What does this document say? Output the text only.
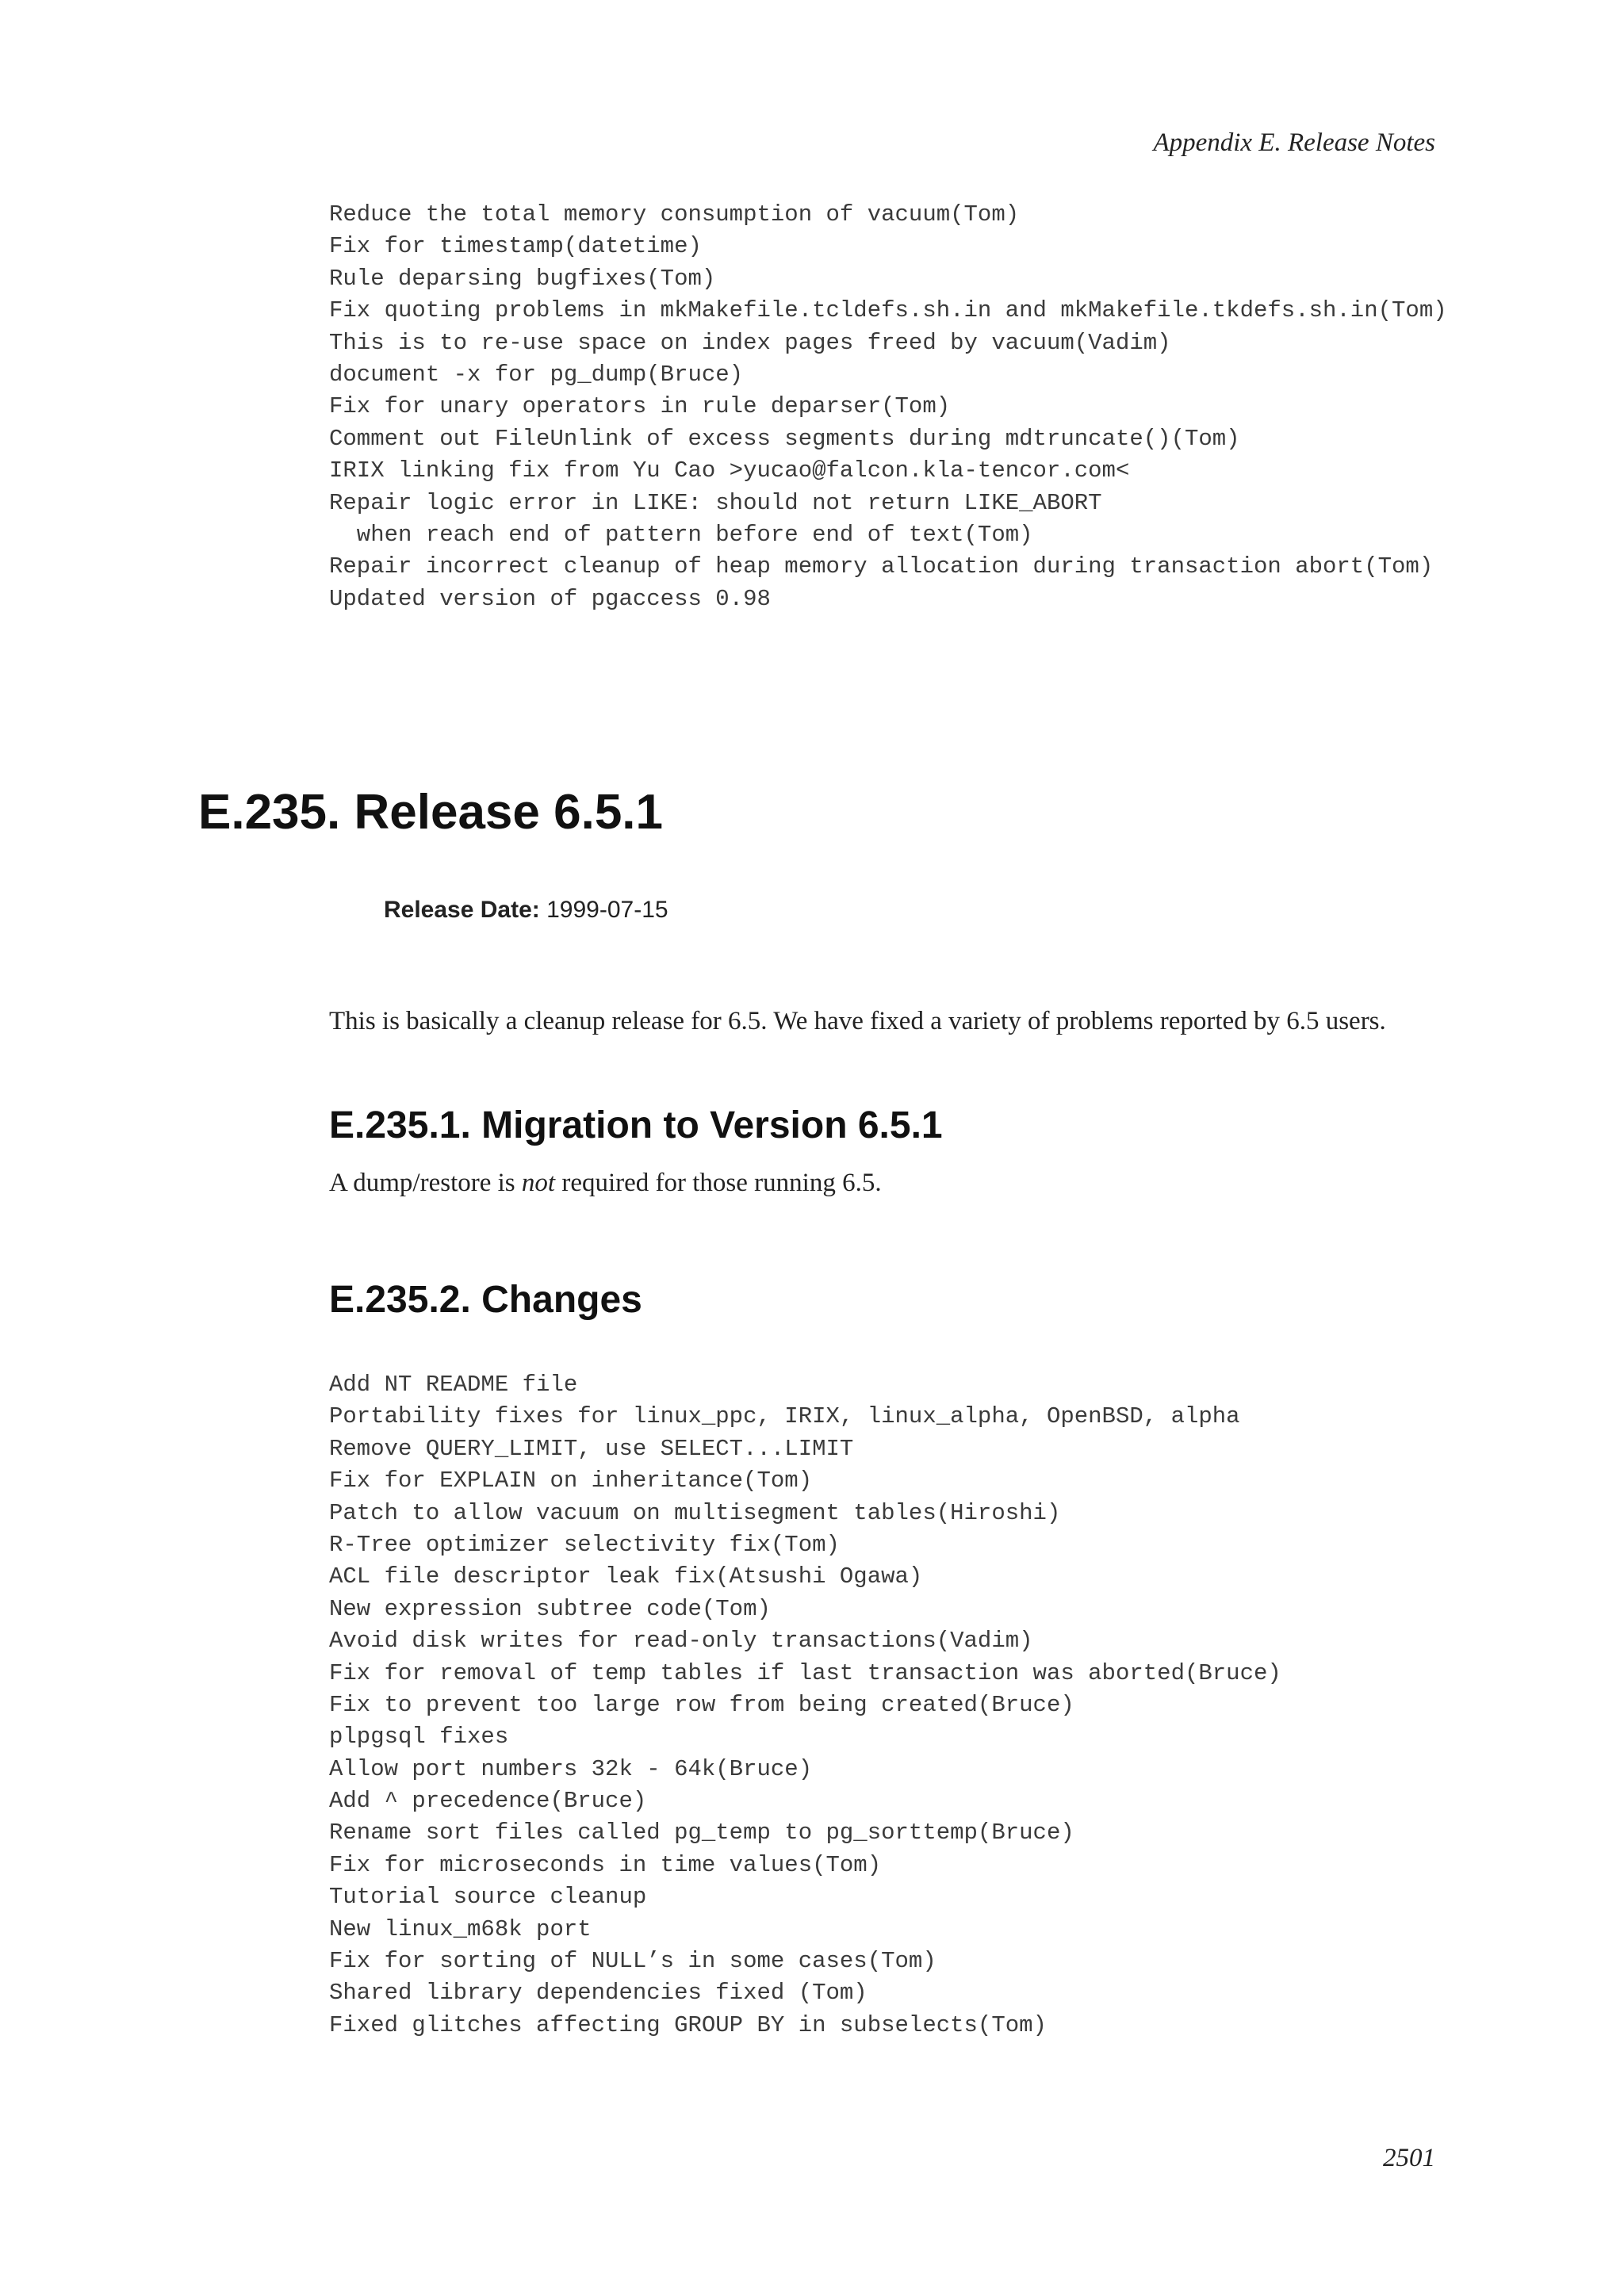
Appendix E. Release Notes
Reduce the total memory consumption of vacuum(Tom)
Fix for timestamp(datetime)
Rule deparsing bugfixes(Tom)
Fix quoting problems in mkMakefile.tcldefs.sh.in and mkMakefile.tkdefs.sh.in(Tom)
This is to re-use space on index pages freed by vacuum(Vadim)
document -x for pg_dump(Bruce)
Fix for unary operators in rule deparser(Tom)
Comment out FileUnlink of excess segments during mdtruncate()(Tom)
IRIX linking fix from Yu Cao >yucao@falcon.kla-tencor.com<
Repair logic error in LIKE: should not return LIKE_ABORT
when reach end of pattern before end of text(Tom)
Repair incorrect cleanup of heap memory allocation during transaction abort(Tom)
Updated version of pgaccess 0.98
E.235. Release 6.5.1
Release Date: 1999-07-15

This is basically a cleanup release for 6.5. We have fixed a variety of problems reported by 6.5 users.

E.235.1. Migration to Version 6.5.1

A dump/restore is not required for those running 6.5.

E.235.2. Changes
Add NT README file
Portability fixes for linux_ppc, IRIX, linux_alpha, OpenBSD, alpha
Remove QUERY_LIMIT, use SELECT...LIMIT
Fix for EXPLAIN on inheritance(Tom)
Patch to allow vacuum on multisegment tables(Hiroshi)
R-Tree optimizer selectivity fix(Tom)
ACL file descriptor leak fix(Atsushi Ogawa)
New expression subtree code(Tom)
Avoid disk writes for read-only transactions(Vadim)
Fix for removal of temp tables if last transaction was aborted(Bruce)
Fix to prevent too large row from being created(Bruce)
plpgsql fixes
Allow port numbers 32k - 64k(Bruce)
Add ^ precedence(Bruce)
Rename sort files called pg_temp to pg_sorttemp(Bruce)
Fix for microseconds in time values(Tom)
Tutorial source cleanup
New linux_m68k port
Fix for sorting of NULL’s in some cases(Tom)
Shared library dependencies fixed (Tom)
Fixed glitches affecting GROUP BY in subselects(Tom)
2501
